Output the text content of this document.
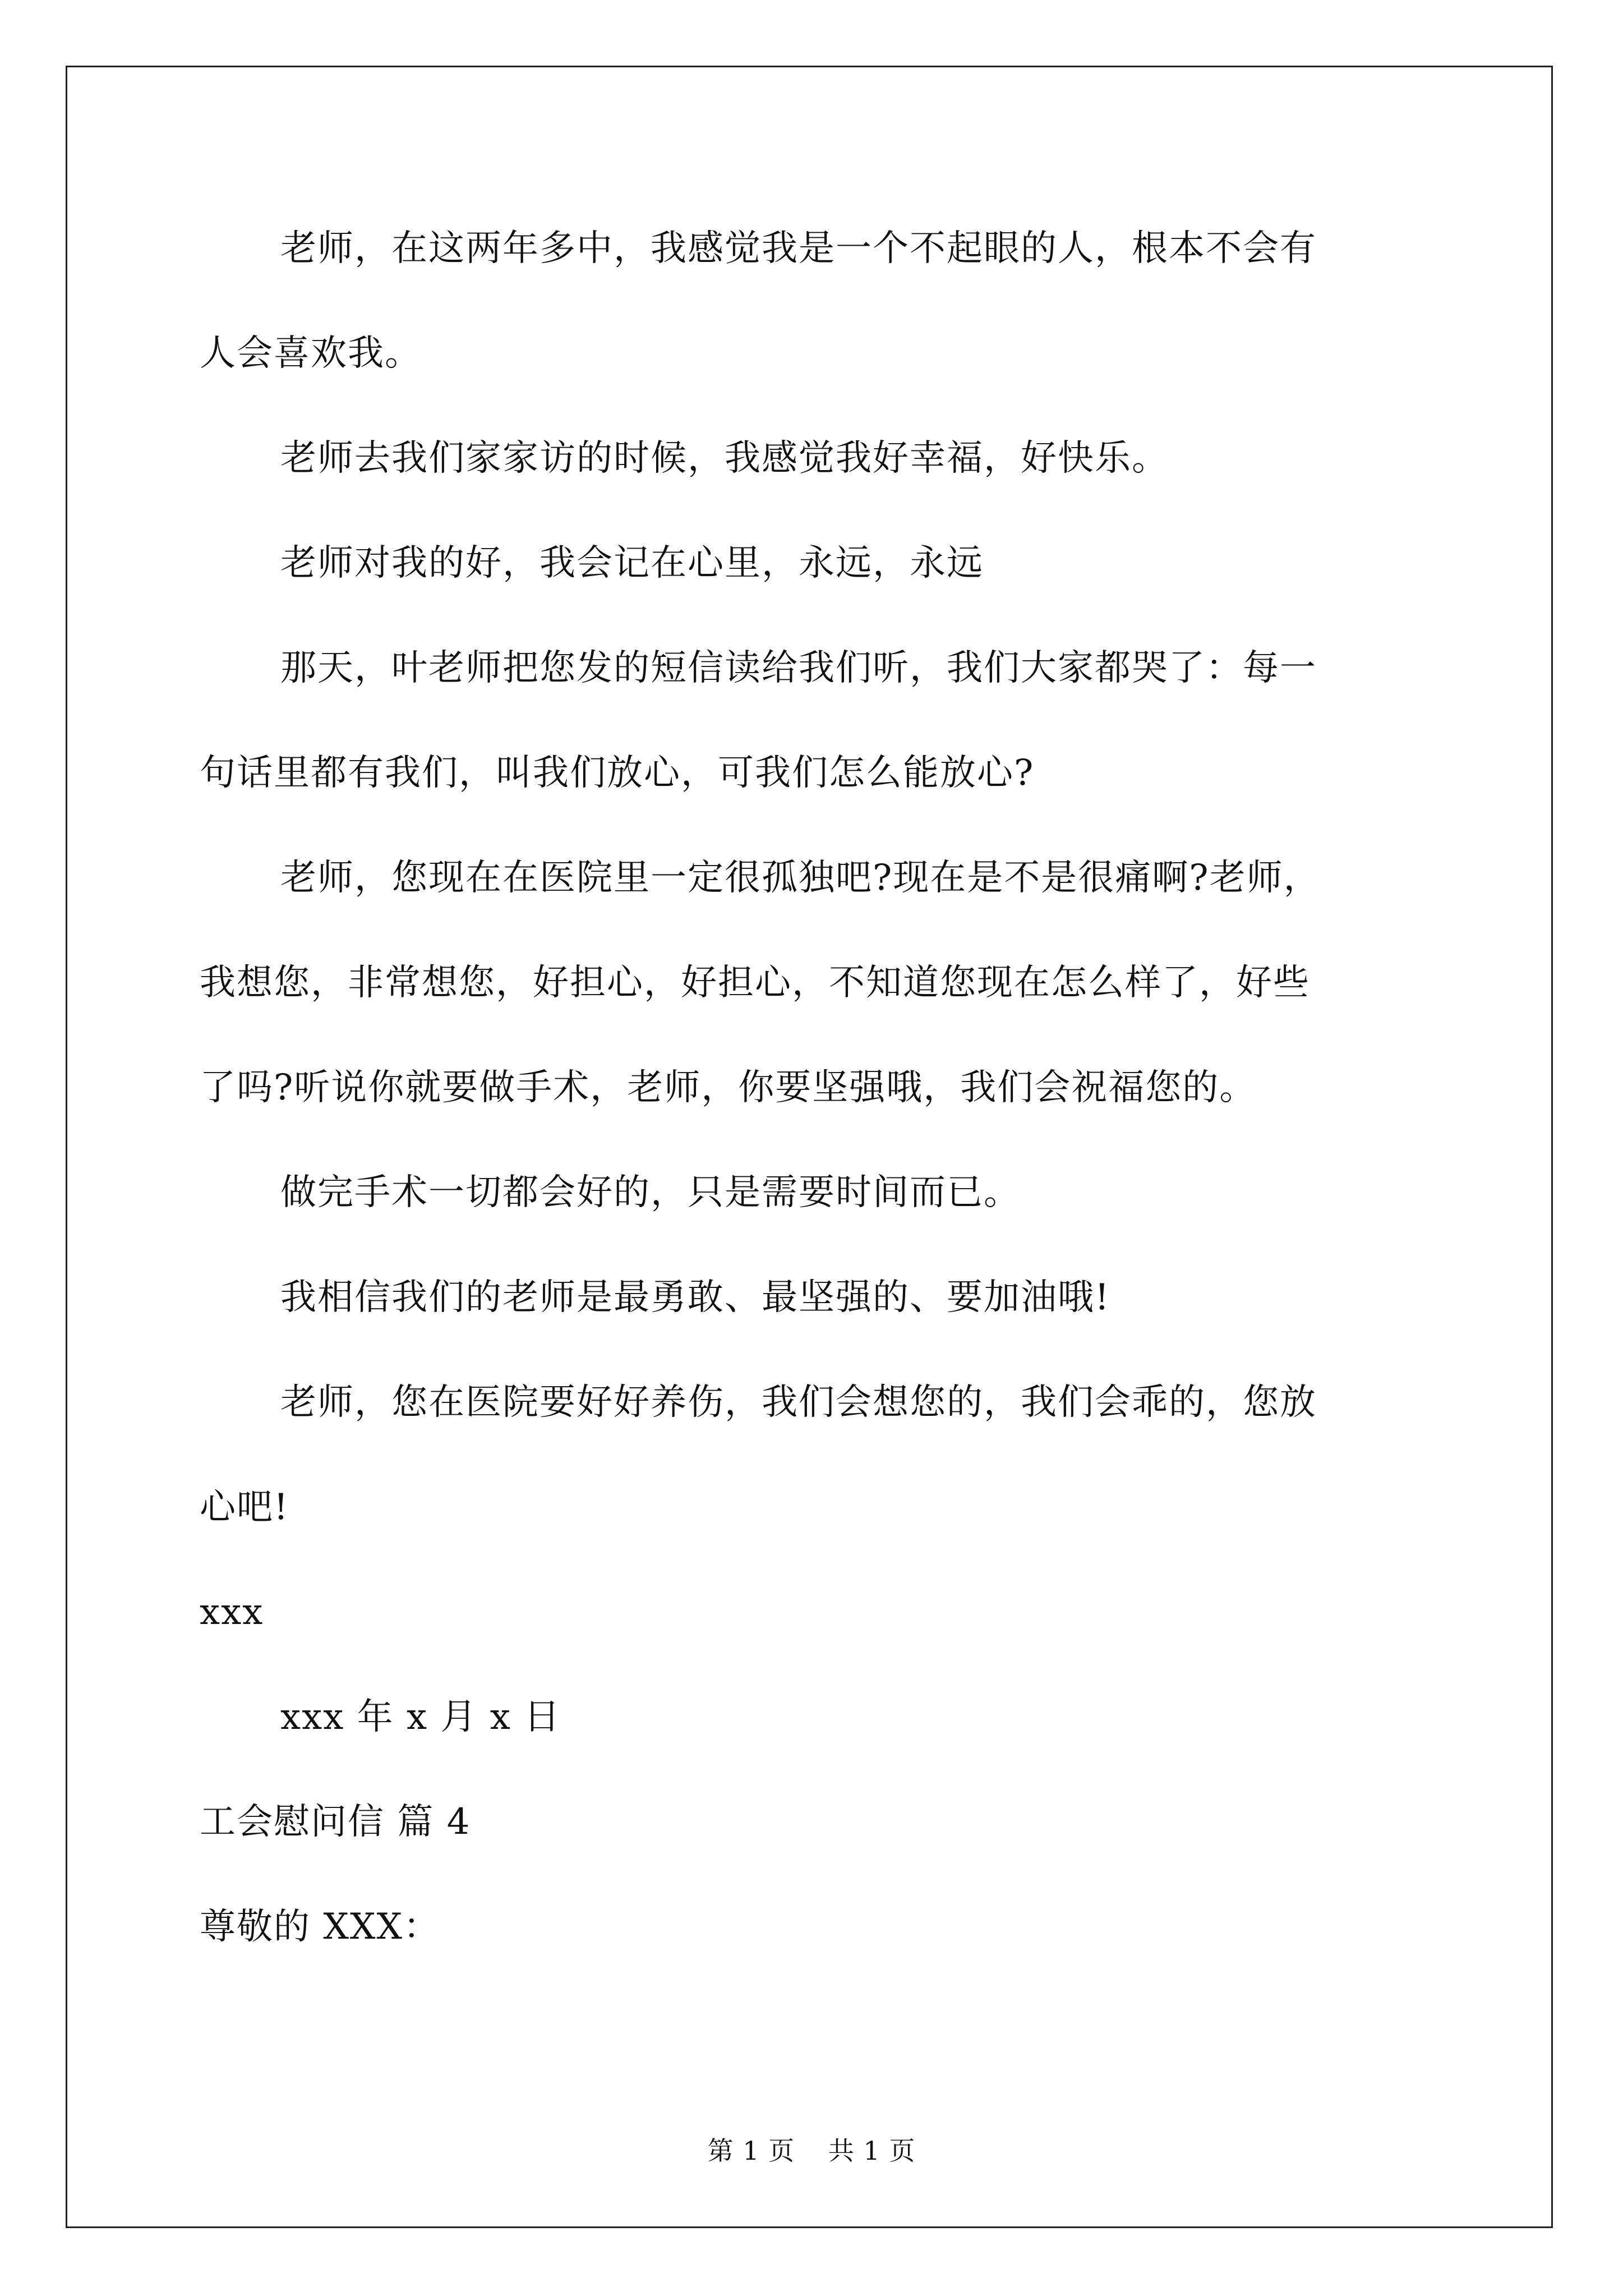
老师，在这两年多中，我感觉我是一个不起眼的人，根本不会有

人会喜欢我。

老师去我们家家访的时候，我感觉我好幸福，好快乐。

老师对我的好，我会记在心里，永远，永远

那天，叶老师把您发的短信读给我们听，我们大家都哭了：每一

句话里都有我们，叫我们放心，可我们怎么能放心?

老师，您现在在医院里一定很孤独吧?现在是不是很痛啊?老师，

我想您，非常想您，好担心，好担心，不知道您现在怎么样了，好些

了吗?听说你就要做手术，老师，你要坚强哦，我们会祝福您的。

做完手术一切都会好的，只是需要时间而已。

我相信我们的老师是最勇敢、最坚强的、要加油哦!

老师，您在医院要好好养伤，我们会想您的，我们会乖的，您放

心吧!

xxx

xxx 年 x 月 x 日

工会慰问信 篇 4

尊敬的 XXX：

第 1 页 共 1 页
